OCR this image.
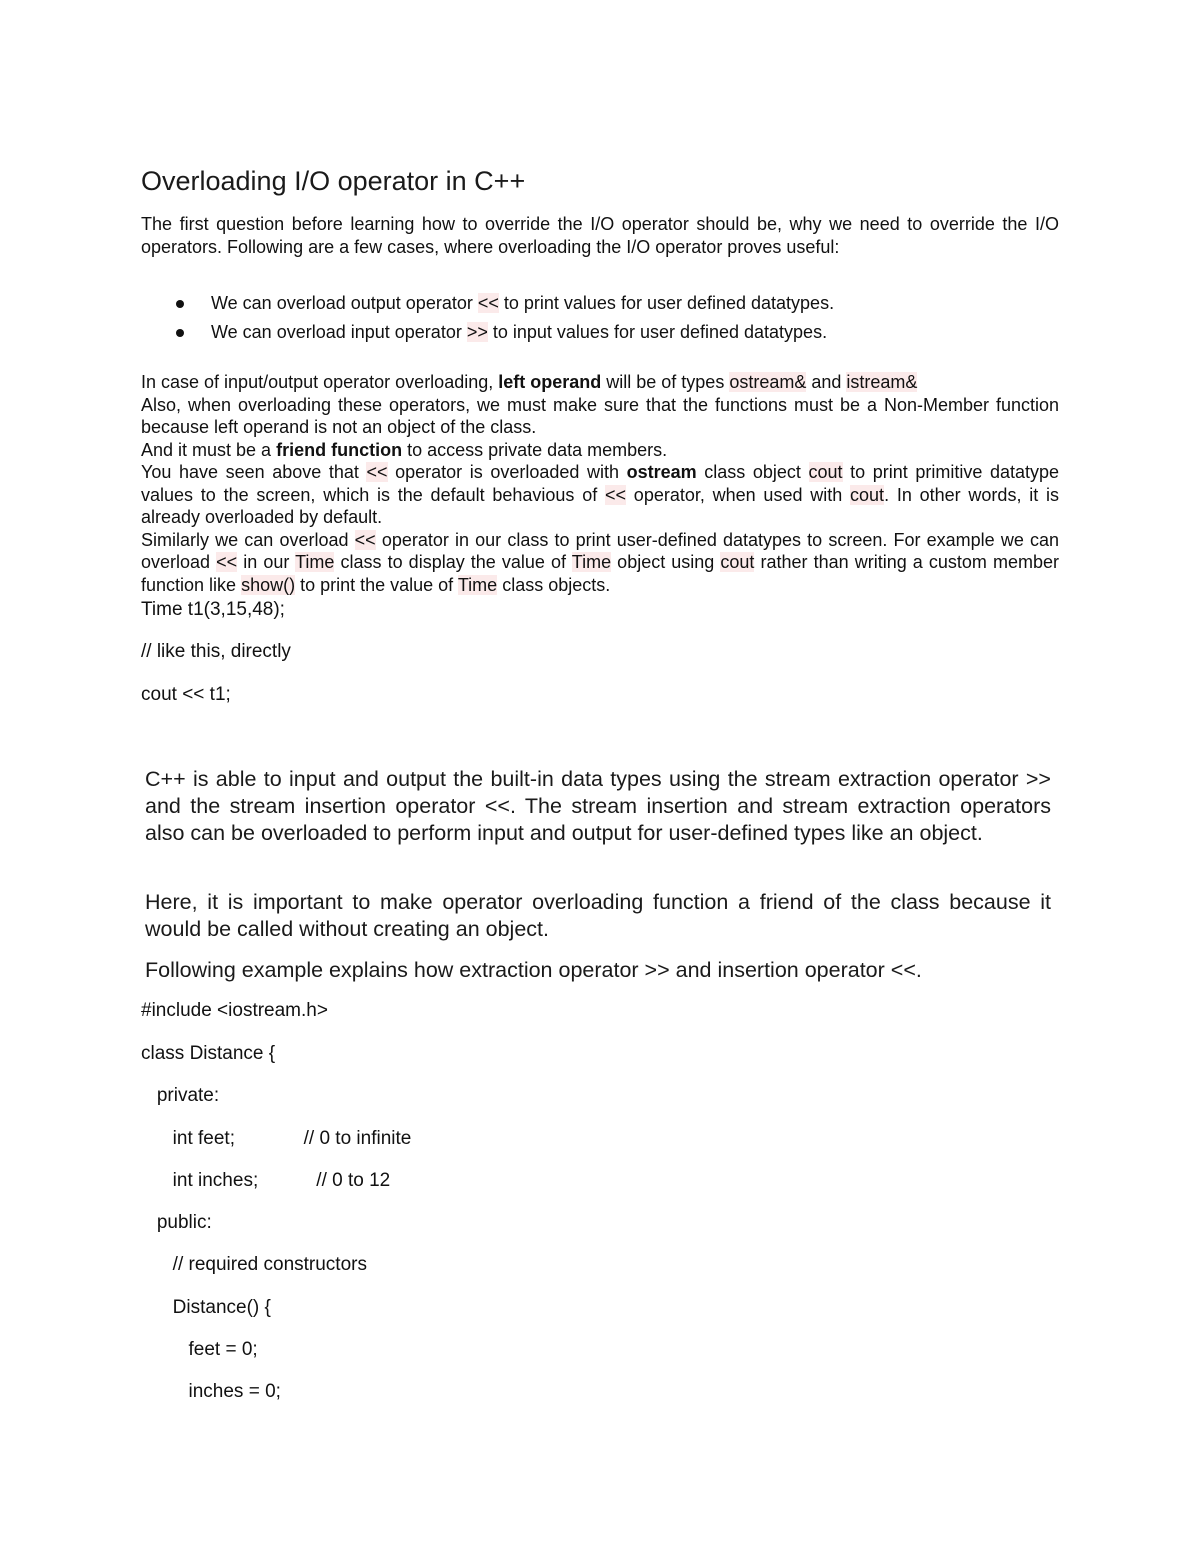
Overloading I/O operator in C++

The first question before learning how to override the I/O operator should be, why we need to override the I/O operators. Following are a few cases, where overloading the I/O operator proves useful:

We can overload output operator << to print values for user defined datatypes.
We can overload input operator >> to input values for user defined datatypes.
In case of input/output operator overloading, left operand will be of types ostream& and istream&
Also, when overloading these operators, we must make sure that the functions must be a Non-Member function because left operand is not an object of the class.
And it must be a friend function to access private data members.
You have seen above that << operator is overloaded with ostream class object cout to print primitive datatype values to the screen, which is the default behavious of << operator, when used with cout. In other words, it is already overloaded by default.
Similarly we can overload << operator in our class to print user-defined datatypes to screen. For example we can overload << in our Time class to display the value of Time object using cout rather than writing a custom member function like show() to print the value of Time class objects.
Time t1(3,15,48);
// like this, directly
cout << t1;

C++ is able to input and output the built-in data types using the stream extraction operator >> and the stream insertion operator <<. The stream insertion and stream extraction operators also can be overloaded to perform input and output for user-defined types like an object.

Here, it is important to make operator overloading function a friend of the class because it would be called without creating an object.

Following example explains how extraction operator >> and insertion operator <<.

#include <iostream.h>
class Distance {
private:
int feet;             // 0 to infinite
int inches;           // 0 to 12
public:
// required constructors
Distance() {
feet = 0;
inches = 0;
